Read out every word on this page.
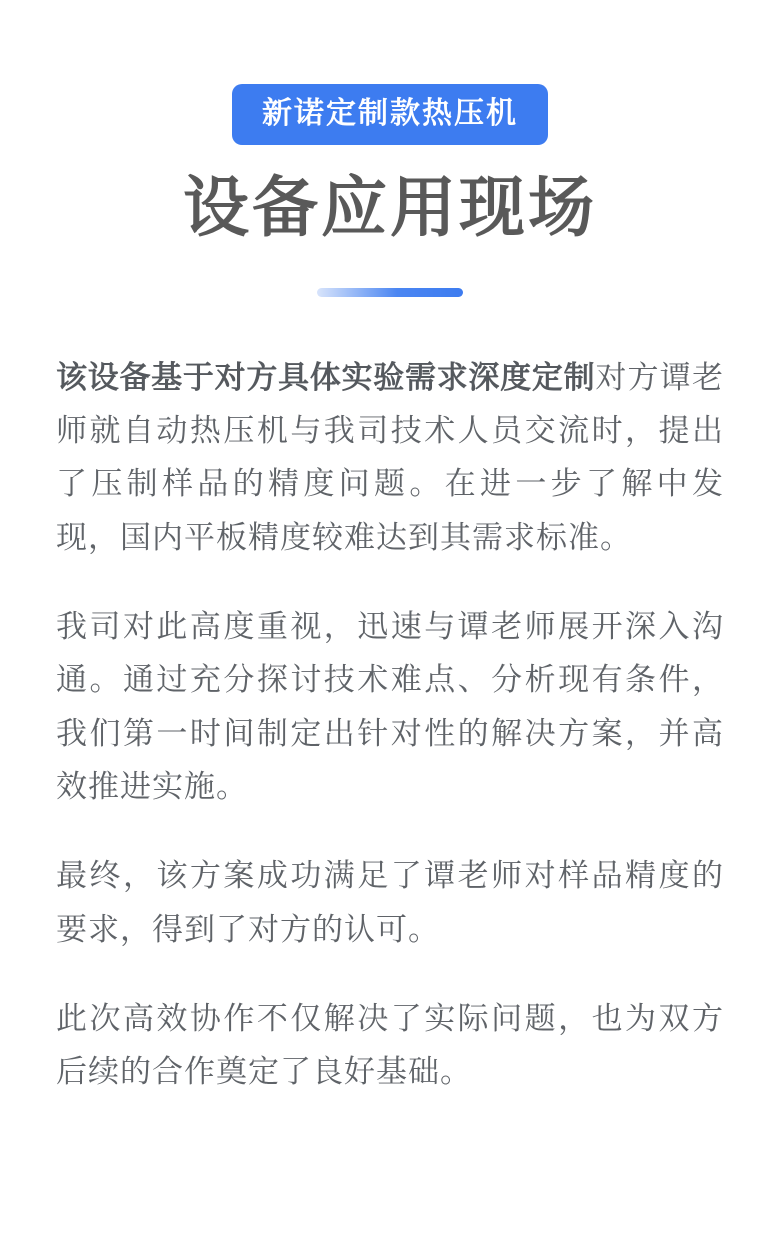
新诺定制款热压机
设备应用现场

该设备基于对方具体实验需求深度定制对方谭老师就自动热压机与我司技术人员交流时，提出了压制样品的精度问题。在进一步了解中发现，国内平板精度较难达到其需求标准。

我司对此高度重视，迅速与谭老师展开深入沟通。通过充分探讨技术难点、分析现有条件，我们第一时间制定出针对性的解决方案，并高效推进实施。

最终，该方案成功满足了谭老师对样品精度的要求，得到了对方的认可。

此次高效协作不仅解决了实际问题，也为双方后续的合作奠定了良好基础。
